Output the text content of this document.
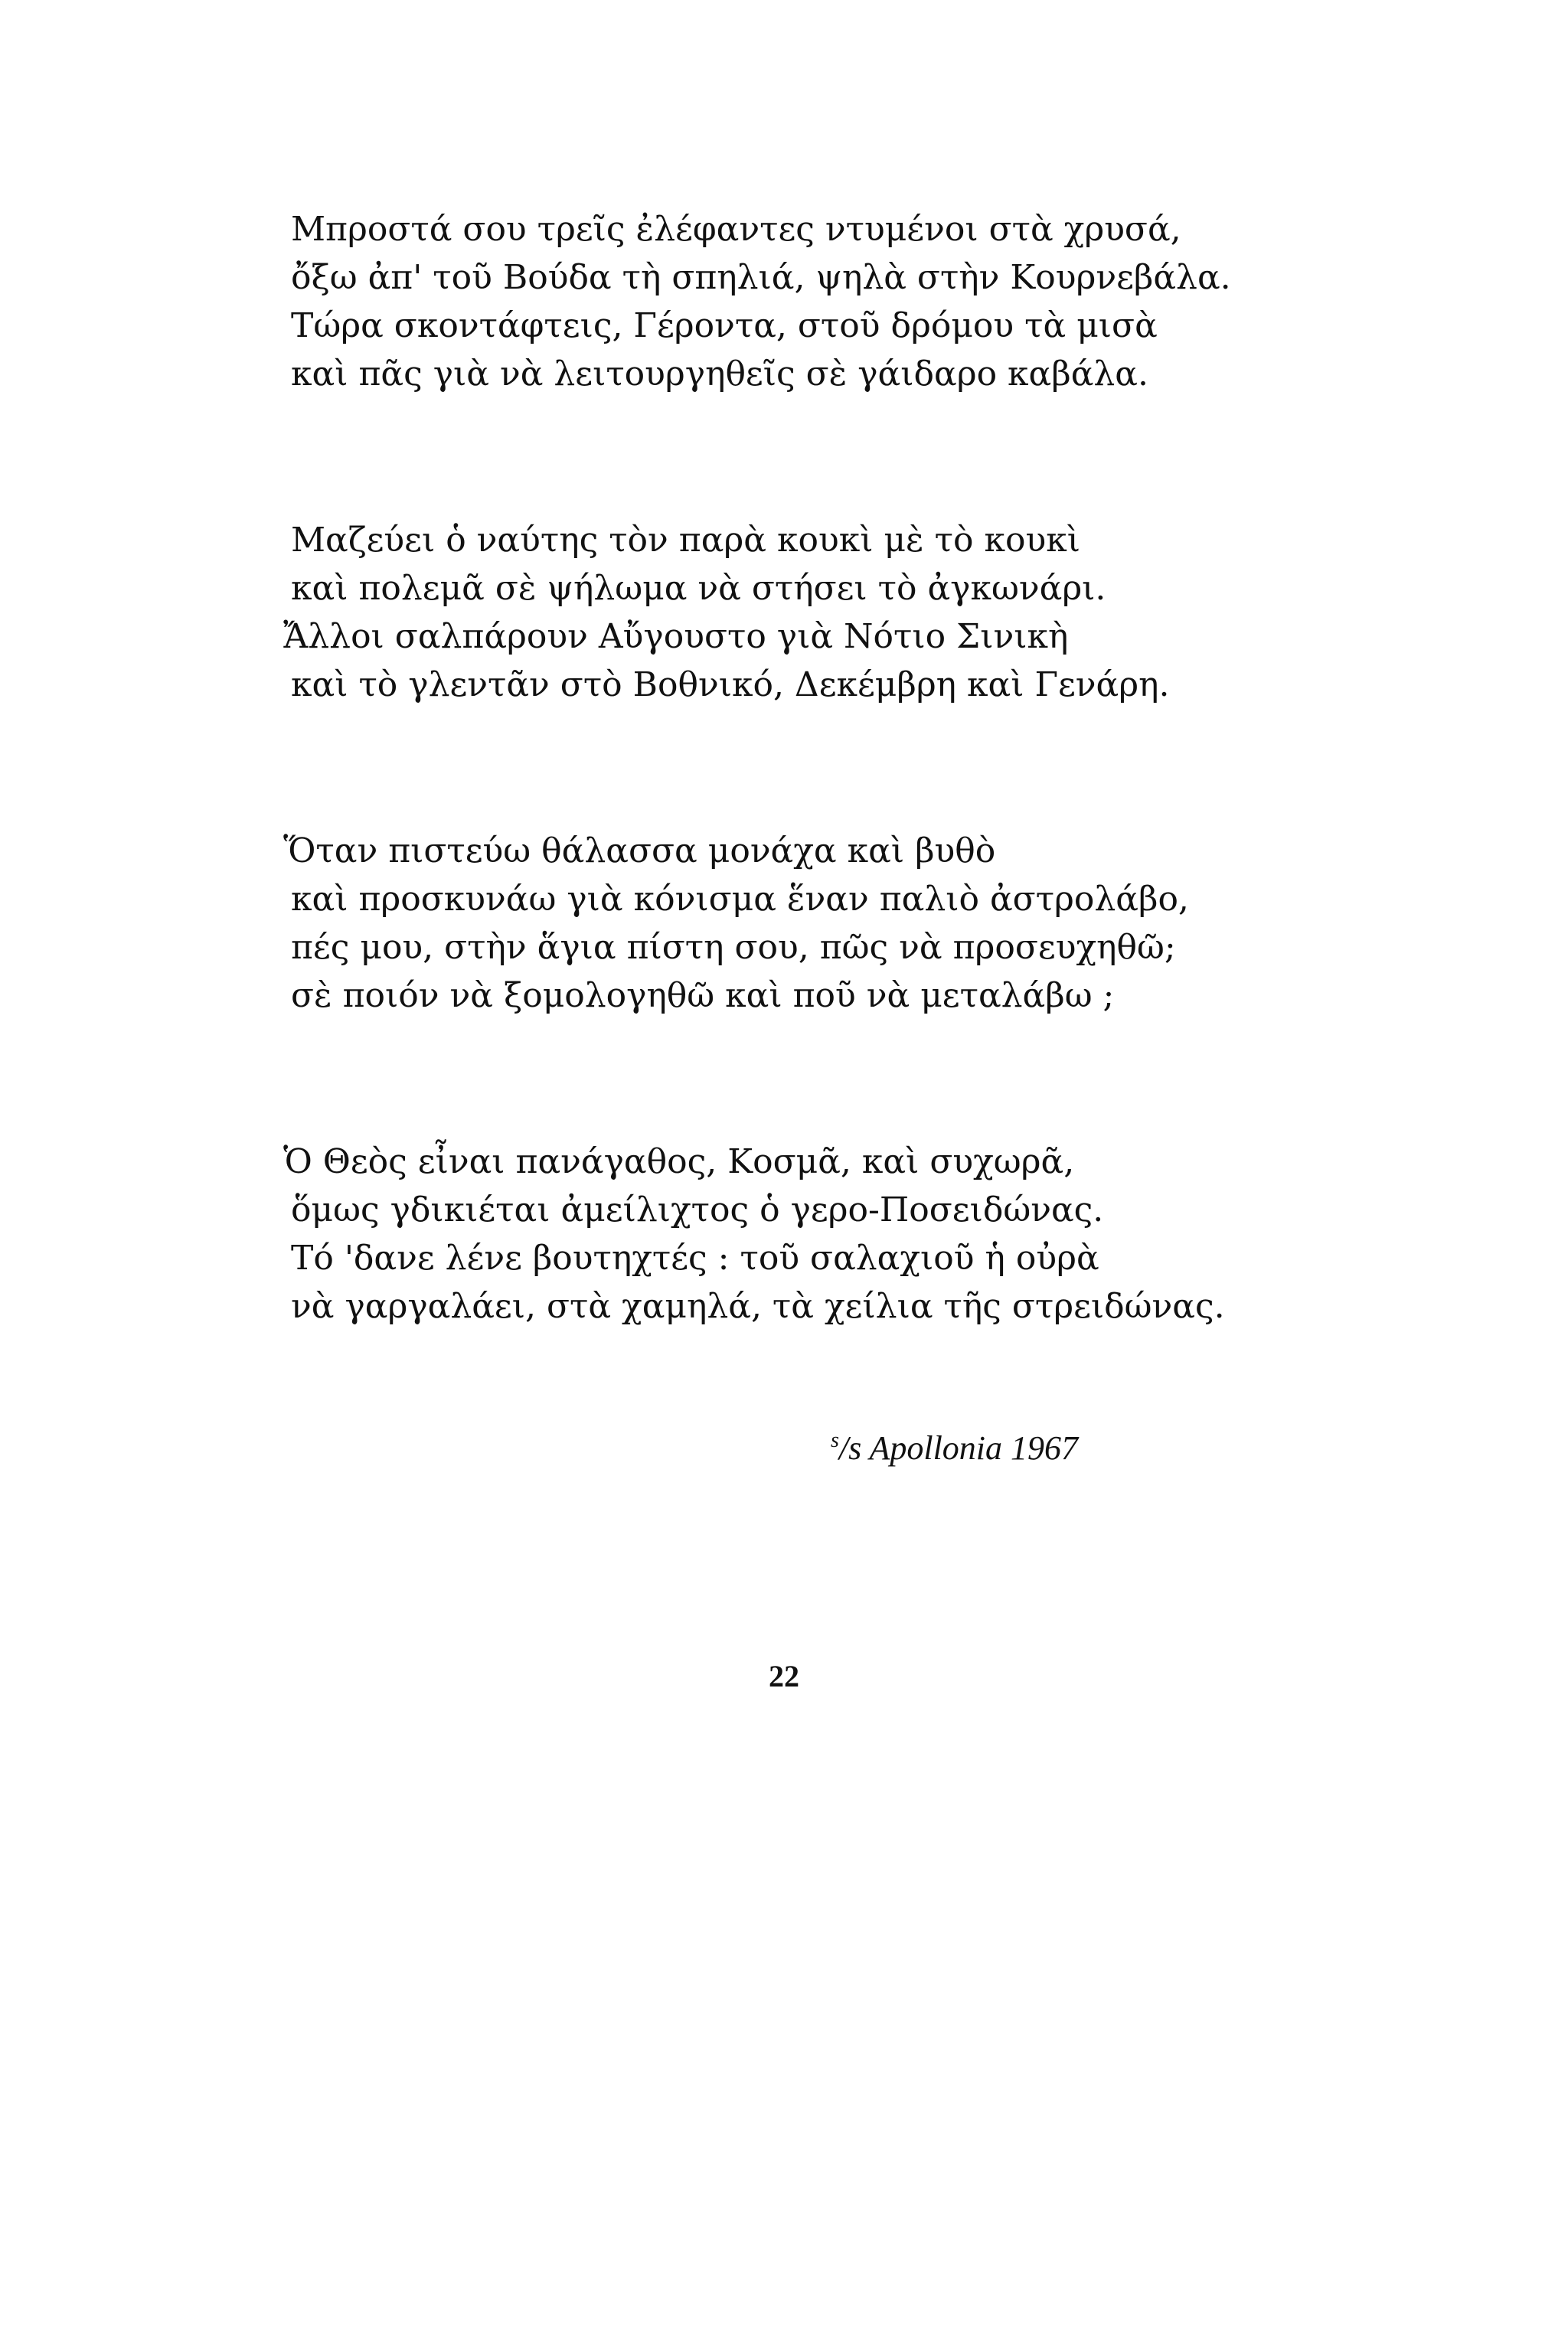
Μπροστά σου τρεῖς ἐλέφαντες ντυμένοι στὰ χρυσά,
ὄξω ἀπ' τοῦ Βούδα τὴ σπηλιά, ψηλὰ στὴν Κουρνεβάλα.
Τώρα σκοντάφτεις, Γέροντα, στοῦ δρόμου τὰ μισὰ
καὶ πᾶς γιὰ νὰ λειτουργηθεῖς σὲ γάιδαρο καβάλα.
Μαζεύει ὁ ναύτης τὸν παρὰ κουκὶ μὲ τὸ κουκὶ
καὶ πολεμᾶ σὲ ψήλωμα νὰ στήσει τὸ ἀγκωνάρι.
Ἄλλοι σαλπάρουν Αὔγουστο γιὰ Νότιο Σινικὴ
καὶ τὸ γλεντᾶν στὸ Βοθνικό, Δεκέμβρη καὶ Γενάρη.
Ὅταν πιστεύω θάλασσα μονάχα καὶ βυθὸ
καὶ προσκυνάω γιὰ κόνισμα ἕναν παλιὸ ἀστρολάβο,
πές μου, στὴν ἅγια πίστη σου, πῶς νὰ προσευχηθῶ;
σὲ ποιόν νὰ ξομολογηθῶ καὶ ποῦ νὰ μεταλάβω ;
Ὁ Θεὸς εἶναι πανάγαθος, Κοσμᾶ, καὶ συχωρᾶ,
ὅμως γδικιέται ἀμείλιχτος ὁ γερο-Ποσειδώνας.
Τό 'δανε λένε βουτηχτές : τοῦ σαλαχιοῦ ἡ οὐρὰ
νὰ γαργαλάει, στὰ χαμηλά, τὰ χείλια τῆς στρειδώνας.
$^s$/s Apollonia 1967
22
